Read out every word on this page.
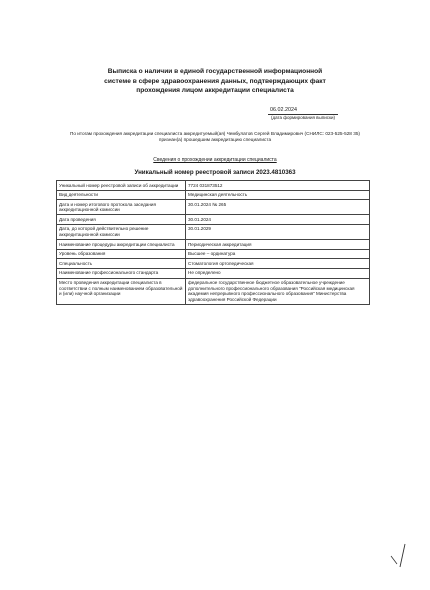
Выписка о наличии в единой государственной информационной
системе в сфере здравоохранения данных, подтверждающих факт
прохождения лицом аккредитации специалиста
06.02.2024
(дата формирования выписки)
По итогам прохождения аккредитации специалиста аккредитуемый(ая) Чембулатов Сергей Владимирович (СНИЛС: 023-525-528 35) признан(а) прошедшим аккредитацию специалиста
Сведения о прохождении аккредитации специалиста
Уникальный номер реестровой записи 2023.4810363
Уникальный номер реестровой записи об аккредитации	7724 031873512
Вид деятельности	Медицинская деятельность
Дата и номер итогового протокола заседания аккредитационной комиссии	30.01.2024 № 265
Дата проведения	30.01.2024
Дата, до которой действительно решение аккредитационной комиссии	30.01.2029
Наименование процедуры аккредитации специалиста	Периодическая аккредитация
Уровень образования	Высшее – ординатура
Специальность	Стоматология ортопедическая
Наименование профессионального стандарта	Не определено
Место проведения аккредитации специалиста в соответствии с полным наименованием образовательной и (или) научной организации	федеральное государственное бюджетное образовательное учреждение дополнительного профессионального образования "Российская медицинская академия непрерывного профессионального образования" Министерства здравоохранения Российской Федерации
